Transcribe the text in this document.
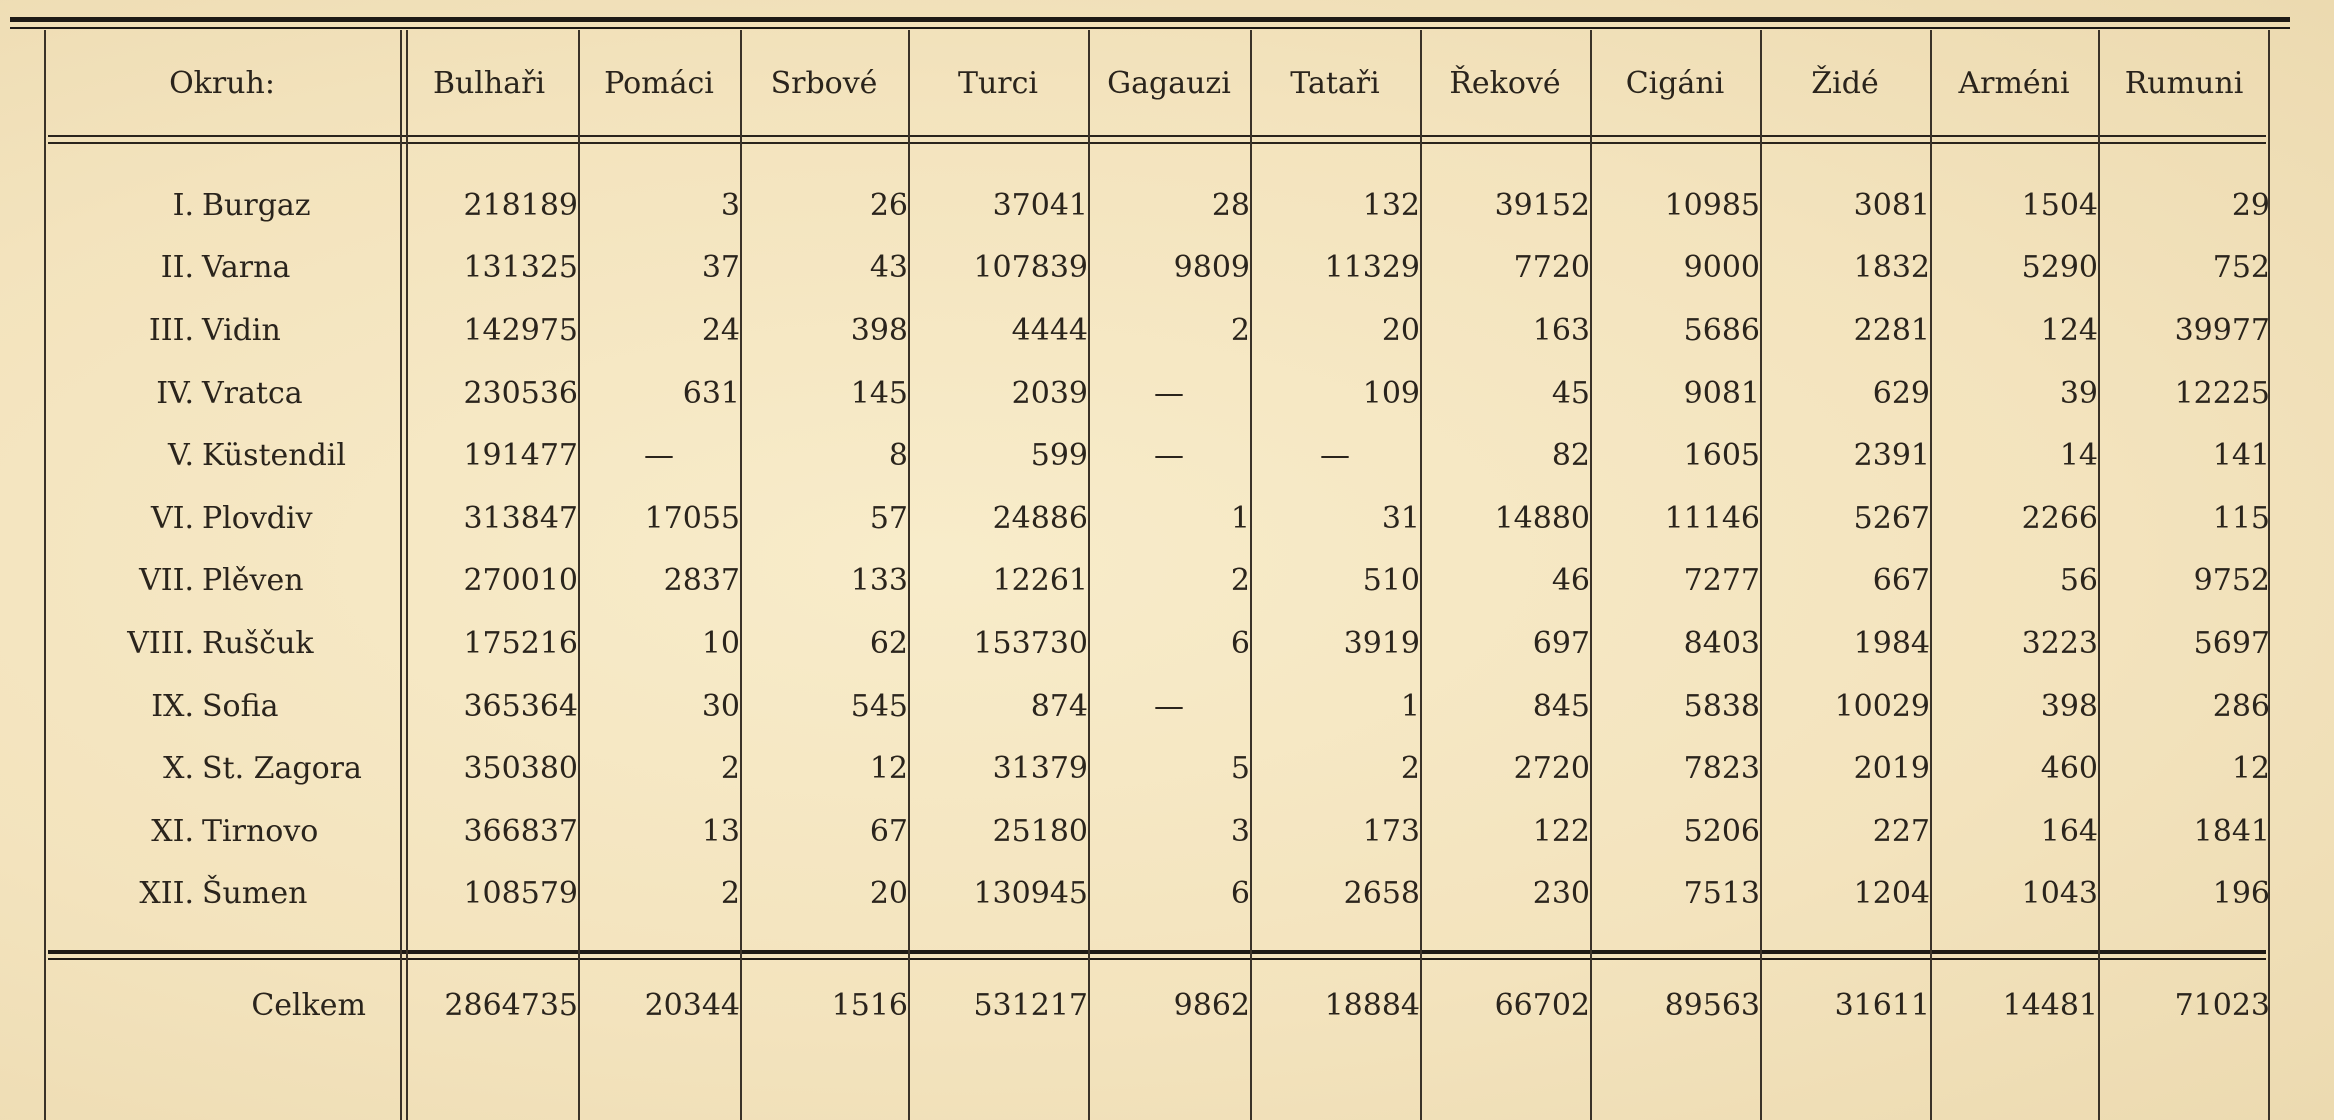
Okruh:	Bulhaři	Pomáci	Srbové	Turci	Gagauzi	Tataři	Řekové	Cigáni	Židé	Arméni	Rumuni

I. Burgaz	218189	3	26	37041	28	132	39152	10985	3081	1504	29
II. Varna	131325	37	43	107839	9809	11329	7720	9000	1832	5290	752
III. Vidin	142975	24	398	4444	2	20	163	5686	2281	124	39977
IV. Vratca	230536	631	145	2039	—	109	45	9081	629	39	12225
V. Küstendil	191477	—	8	599	—	—	82	1605	2391	14	141
VI. Plovdiv	313847	17055	57	24886	1	31	14880	11146	5267	2266	115
VII. Plěven	270010	2837	133	12261	2	510	46	7277	667	56	9752
VIII. Ruščuk	175216	10	62	153730	6	3919	697	8403	1984	3223	5697
IX. Sofia	365364	30	545	874	—	1	845	5838	10029	398	286
X. St. Zagora	350380	2	12	31379	5	2	2720	7823	2019	460	12
XI. Tirnovo	366837	13	67	25180	3	173	122	5206	227	164	1841
XII. Šumen	108579	2	20	130945	6	2658	230	7513	1204	1043	196

Celkem	2864735	20344	1516	531217	9862	18884	66702	89563	31611	14481	71023
